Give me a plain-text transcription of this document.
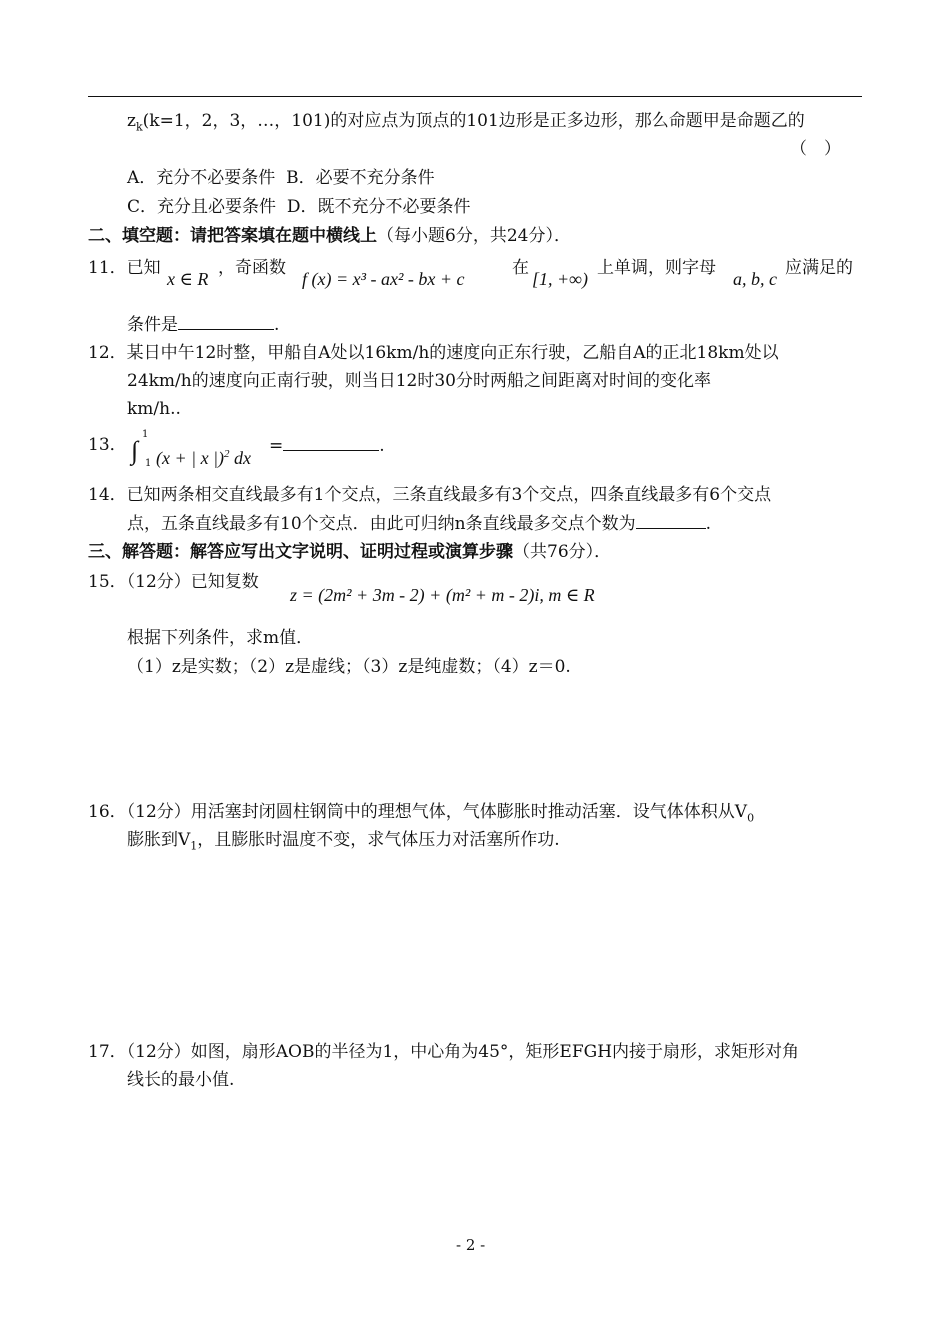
$z_k(k=1$，2，3，…，101)的对应点为顶点的101边形是正多边形，那么命题甲是命题乙的
（　）
A．充分不必要条件 B．必要不充分条件
C．充分且必要条件 D．既不充分不必要条件
二、填空题：请把答案填在题中横线上（每小题6分，共24分）．
11．已知
x ∈ R
，奇函数
f (x) = x³ - ax² - bx + c
在
[1, +∞)
上单调，则字母
a, b, c
应满足的
条件是	.
12．某日中午12时整，甲船自A处以16km/h的速度向正东行驶，乙船自A的正北18km处以
24km/h的速度向正南行驶，则当日12时30分时两船之间距离对时间的变化率
km/h..
13． ∫
1
1 (x + | x |)$^2$ dx
=	.
14．已知两条相交直线最多有1个交点，三条直线最多有3个交点，四条直线最多有6个交点
点，五条直线最多有10个交点．由此可归纳n条直线最多交点个数为	.
三、解答题：解答应写出文字说明、证明过程或演算步骤（共76分）．
15．（12分）已知复数
z = (2m² + 3m - 2) + (m² + m - 2)i, m ∈ R
根据下列条件，求m值．
（1）z是实数；（2）z是虚线；（3）z是纯虚数；（4）z＝0.
16．（12分）用活塞封闭圆柱钢筒中的理想气体，气体膨胀时推动活塞．设气体体积从$V_0$
膨胀到$V_1$，且膨胀时温度不变，求气体压力对活塞所作功.
17．（12分）如图，扇形AOB的半径为1，中心角为45°，矩形EFGH内接于扇形，求矩形对角
线长的最小值.
- 2 -
